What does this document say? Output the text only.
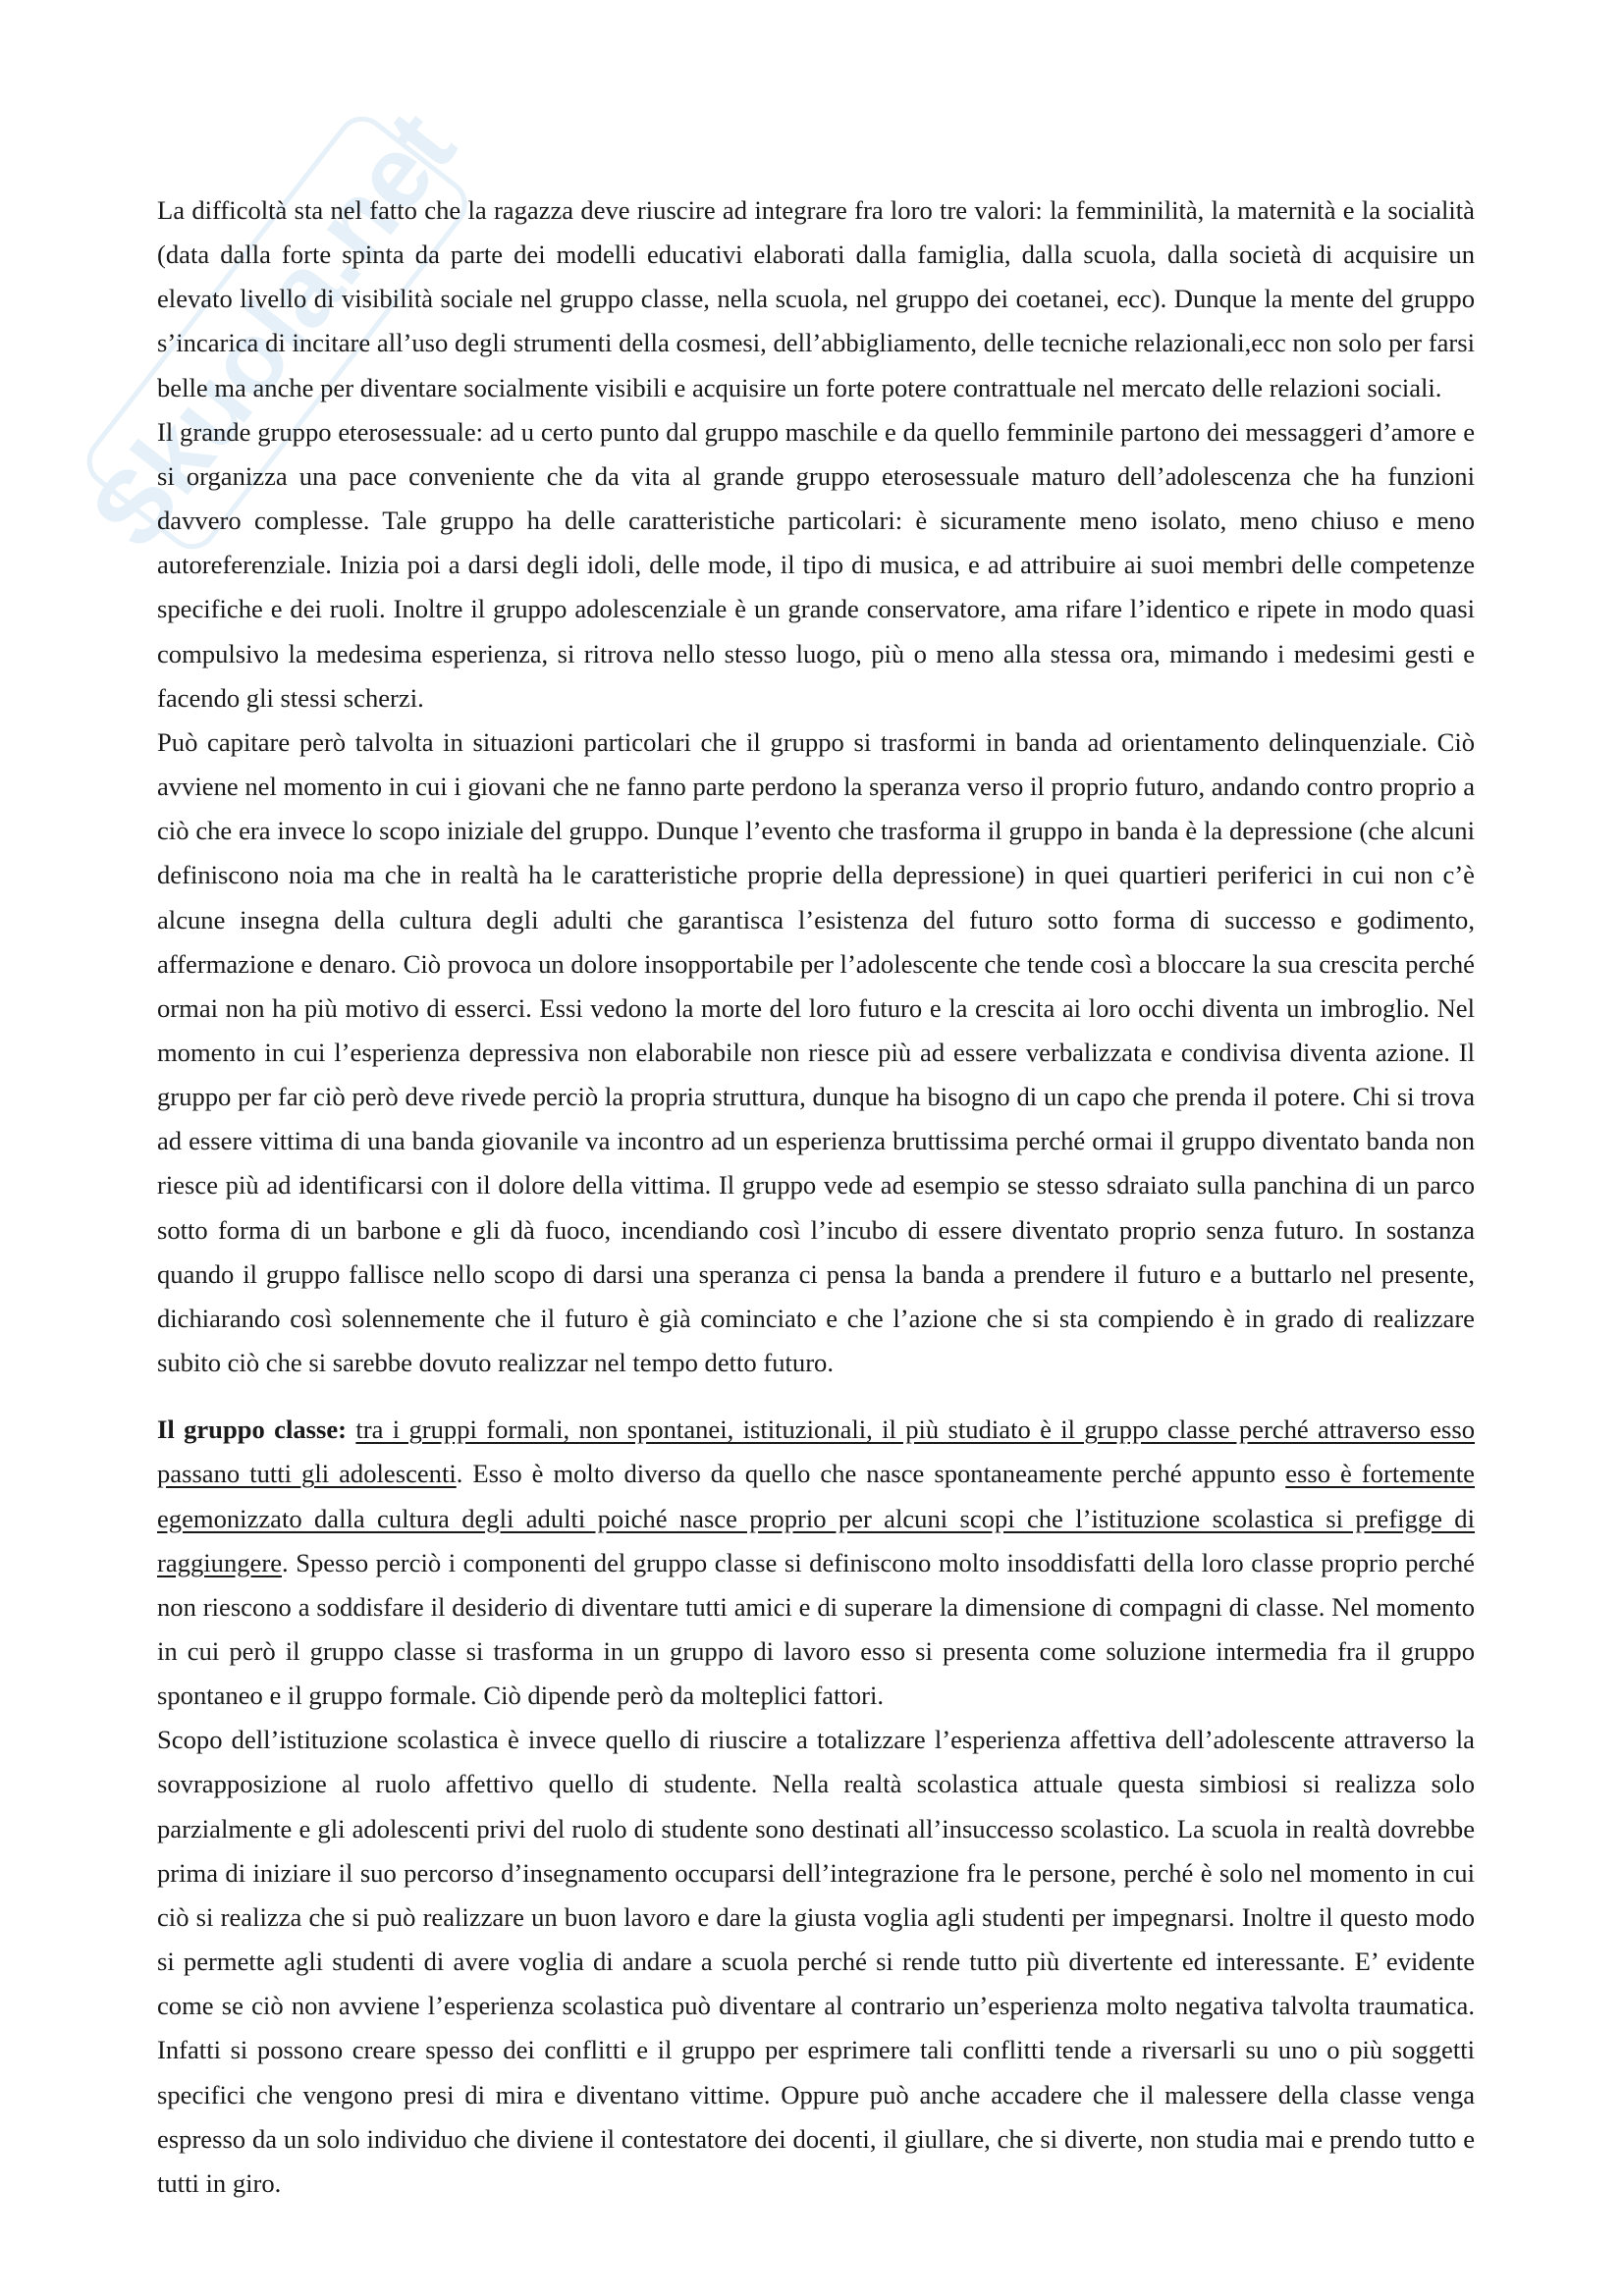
Skuola.net

La difficoltà sta nel fatto che la ragazza deve riuscire ad integrare fra loro tre valori: la femminilità, la maternità e la socialità (data dalla forte spinta da parte dei modelli educativi elaborati dalla famiglia, dalla scuola, dalla società di acquisire un elevato livello di visibilità sociale nel gruppo classe, nella scuola, nel gruppo dei coetanei, ecc). Dunque la mente del gruppo s’incarica di incitare all’uso degli strumenti della cosmesi, dell’abbigliamento, delle tecniche relazionali,ecc non solo per farsi belle ma anche per diventare socialmente visibili e acquisire un forte potere contrattuale nel mercato delle relazioni sociali.

Il grande gruppo eterosessuale: ad u certo punto dal gruppo maschile e da quello femminile partono dei messaggeri d’amore e si organizza una pace conveniente che da vita al grande gruppo eterosessuale maturo dell’adolescenza che ha funzioni davvero complesse. Tale gruppo ha delle caratteristiche particolari: è sicuramente meno isolato, meno chiuso e meno autoreferenziale. Inizia poi a darsi degli idoli, delle mode, il tipo di musica, e ad attribuire ai suoi membri delle competenze specifiche e dei ruoli. Inoltre il gruppo adolescenziale è un grande conservatore, ama rifare l’identico e ripete in modo quasi compulsivo la medesima esperienza, si ritrova nello stesso luogo, più o meno alla stessa ora, mimando i medesimi gesti e facendo gli stessi scherzi.

Può capitare però talvolta in situazioni particolari che il gruppo si trasformi in banda ad orientamento delinquenziale. Ciò avviene nel momento in cui i giovani che ne fanno parte perdono la speranza verso il proprio futuro, andando contro proprio a ciò che era invece lo scopo iniziale del gruppo. Dunque l’evento che trasforma il gruppo in banda è la depressione (che alcuni definiscono noia ma che in realtà ha le caratteristiche proprie della depressione) in quei quartieri periferici in cui non c’è alcune insegna della cultura degli adulti che garantisca l’esistenza del futuro sotto forma di successo e godimento, affermazione e denaro. Ciò provoca un dolore insopportabile per l’adolescente che tende così a bloccare la sua crescita perché ormai non ha più motivo di esserci. Essi vedono la morte del loro futuro e la crescita ai loro occhi diventa un imbroglio. Nel momento in cui l’esperienza depressiva non elaborabile non riesce più ad essere verbalizzata e condivisa diventa azione. Il gruppo per far ciò però deve rivede perciò la propria struttura, dunque ha bisogno di un capo che prenda il potere. Chi si trova ad essere vittima di una banda giovanile va incontro ad un esperienza bruttissima perché ormai il gruppo diventato banda non riesce più ad identificarsi con il dolore della vittima. Il gruppo vede ad esempio se stesso sdraiato sulla panchina di un parco sotto forma di un barbone e gli dà fuoco, incendiando così l’incubo di essere diventato proprio senza futuro. In sostanza quando il gruppo fallisce nello scopo di darsi una speranza ci pensa la banda a prendere il futuro e a buttarlo nel presente, dichiarando così solennemente che il futuro è già cominciato e che l’azione che si sta compiendo è in grado di realizzare subito ciò che si sarebbe dovuto realizzar nel tempo detto futuro.

Il gruppo classe: tra i gruppi formali, non spontanei, istituzionali, il più studiato è il gruppo classe perché attraverso esso passano tutti gli adolescenti. Esso è molto diverso da quello che nasce spontaneamente perché appunto esso è fortemente egemonizzato dalla cultura degli adulti poiché nasce proprio per alcuni scopi che l’istituzione scolastica si prefigge di raggiungere. Spesso perciò i componenti del gruppo classe si definiscono molto insoddisfatti della loro classe proprio perché non riescono a soddisfare il desiderio di diventare tutti amici e di superare la dimensione di compagni di classe. Nel momento in cui però il gruppo classe si trasforma in un gruppo di lavoro esso si presenta come soluzione intermedia fra il gruppo spontaneo e il gruppo formale. Ciò dipende però da molteplici fattori.

Scopo dell’istituzione scolastica è invece quello di riuscire a totalizzare l’esperienza affettiva dell’adolescente attraverso la sovrapposizione al ruolo affettivo quello di studente. Nella realtà scolastica attuale questa simbiosi si realizza solo parzialmente e gli adolescenti privi del ruolo di studente sono destinati all’insuccesso scolastico. La scuola in realtà dovrebbe prima di iniziare il suo percorso d’insegnamento occuparsi dell’integrazione fra le persone, perché è solo nel momento in cui ciò si realizza che si può realizzare un buon lavoro e dare la giusta voglia agli studenti per impegnarsi. Inoltre il questo modo si permette agli studenti di avere voglia di andare a scuola perché si rende tutto più divertente ed interessante. E’ evidente come se ciò non avviene l’esperienza scolastica può diventare al contrario un’esperienza molto negativa talvolta traumatica. Infatti si possono creare spesso dei conflitti e il gruppo per esprimere tali conflitti tende a riversarli su uno o più soggetti specifici che vengono presi di mira e diventano vittime. Oppure può anche accadere che il malessere della classe venga espresso da un solo individuo che diviene il contestatore dei docenti, il giullare, che si diverte, non studia mai e prendo tutto e tutti in giro.
